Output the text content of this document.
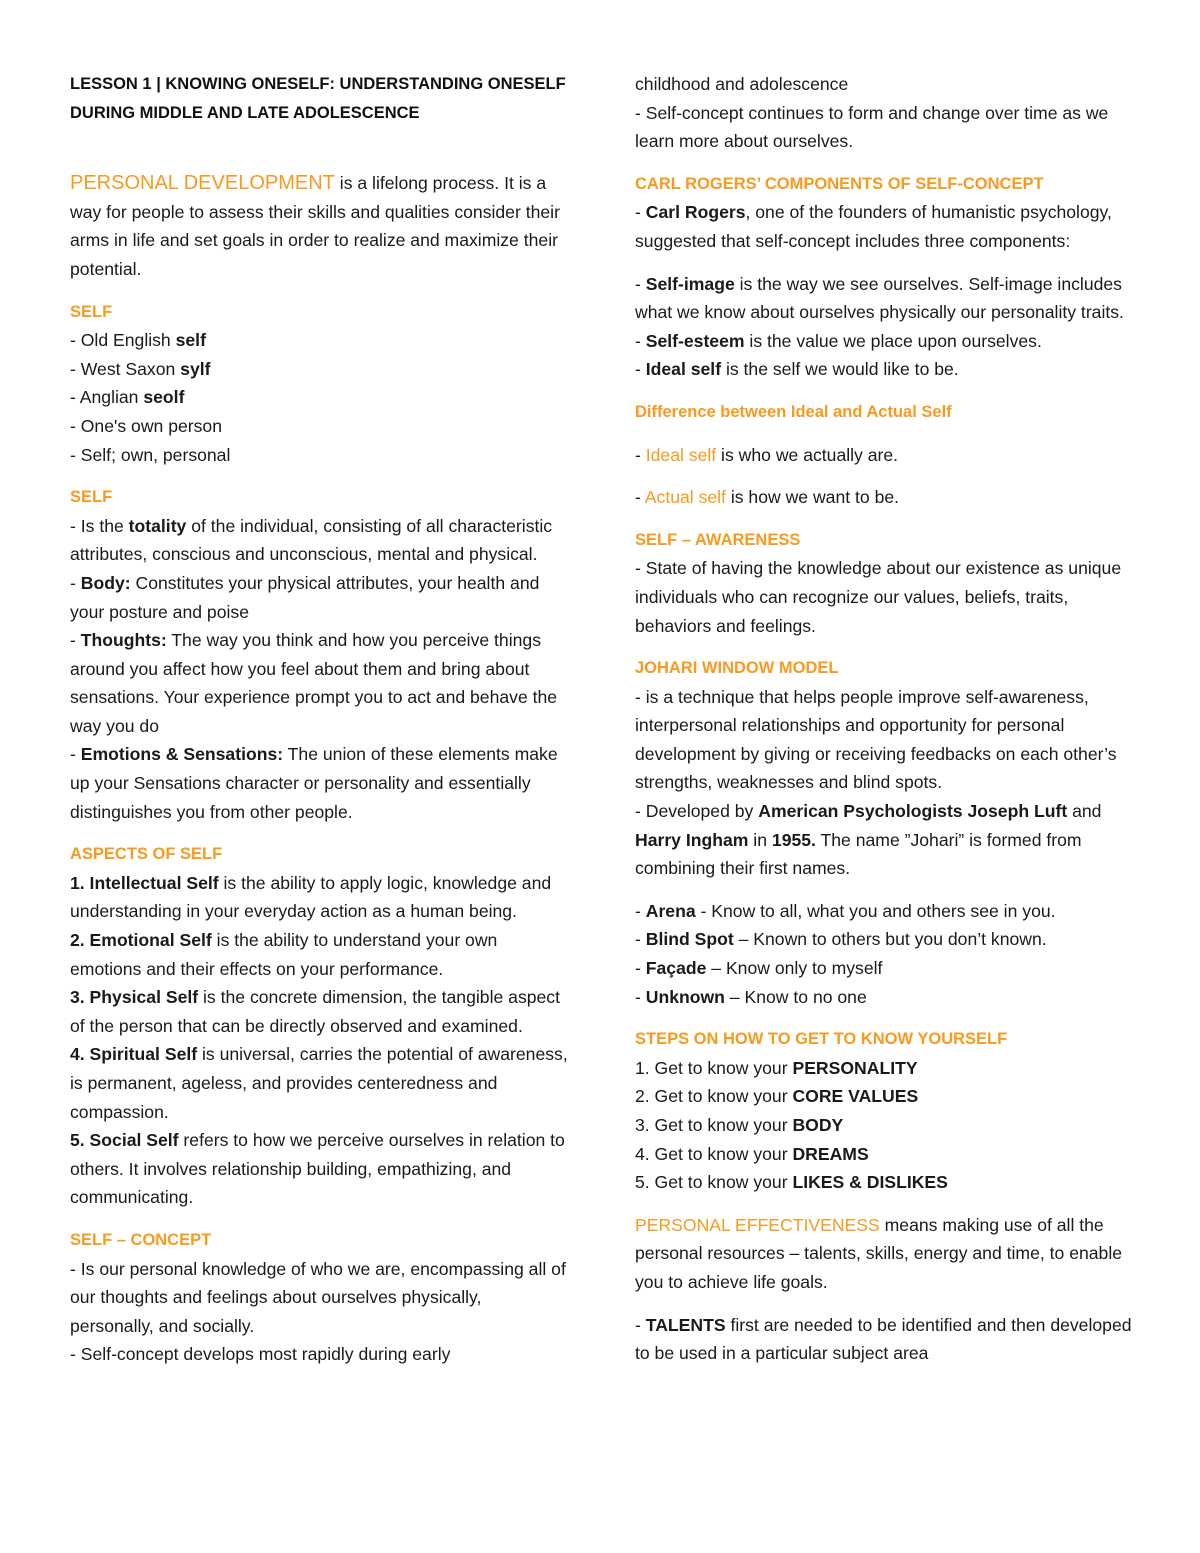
LESSON 1 | KNOWING ONESELF: UNDERSTANDING ONESELF DURING MIDDLE AND LATE ADOLESCENCE
PERSONAL DEVELOPMENT is a lifelong process. It is a way for people to assess their skills and qualities consider their arms in life and set goals in order to realize and maximize their potential.
SELF
- Old English self
- West Saxon sylf
- Anglian seolf
- One's own person
- Self; own, personal
SELF
- Is the totality of the individual, consisting of all characteristic attributes, conscious and unconscious, mental and physical.
- Body: Constitutes your physical attributes, your health and your posture and poise
- Thoughts: The way you think and how you perceive things around you affect how you feel about them and bring about sensations. Your experience prompt you to act and behave the way you do
- Emotions & Sensations: The union of these elements make up your Sensations character or personality and essentially distinguishes you from other people.
ASPECTS OF SELF
1. Intellectual Self is the ability to apply logic, knowledge and understanding in your everyday action as a human being.
2. Emotional Self is the ability to understand your own emotions and their effects on your performance.
3. Physical Self is the concrete dimension, the tangible aspect of the person that can be directly observed and examined.
4. Spiritual Self is universal, carries the potential of awareness, is permanent, ageless, and provides centeredness and compassion.
5. Social Self refers to how we perceive ourselves in relation to others. It involves relationship building, empathizing, and communicating.
SELF – CONCEPT
- Is our personal knowledge of who we are, encompassing all of our thoughts and feelings about ourselves physically, personally, and socially.
- Self-concept develops most rapidly during early
childhood and adolescence
- Self-concept continues to form and change over time as we learn more about ourselves.
CARL ROGERS’ COMPONENTS OF SELF-CONCEPT
- Carl Rogers, one of the founders of humanistic psychology, suggested that self-concept includes three components:
- Self-image is the way we see ourselves. Self-image includes what we know about ourselves physically our personality traits.
- Self-esteem is the value we place upon ourselves.
- Ideal self is the self we would like to be.
Difference between Ideal and Actual Self
- Ideal self is who we actually are.
- Actual self is how we want to be.
SELF – AWARENESS
- State of having the knowledge about our existence as unique individuals who can recognize our values, beliefs, traits, behaviors and feelings.
JOHARI WINDOW MODEL
- is a technique that helps people improve self-awareness, interpersonal relationships and opportunity for personal development by giving or receiving feedbacks on each other’s strengths, weaknesses and blind spots.
- Developed by American Psychologists Joseph Luft and Harry Ingham in 1955. The name ”Johari” is formed from combining their first names.
- Arena - Know to all, what you and others see in you.
- Blind Spot – Known to others but you don’t known.
- Façade – Know only to myself
- Unknown – Know to no one
STEPS ON HOW TO GET TO KNOW YOURSELF
1. Get to know your PERSONALITY
2. Get to know your CORE VALUES
3. Get to know your BODY
4. Get to know your DREAMS
5. Get to know your LIKES & DISLIKES
PERSONAL EFFECTIVENESS means making use of all the personal resources – talents, skills, energy and time, to enable you to achieve life goals.
- TALENTS first are needed to be identified and then developed to be used in a particular subject area
